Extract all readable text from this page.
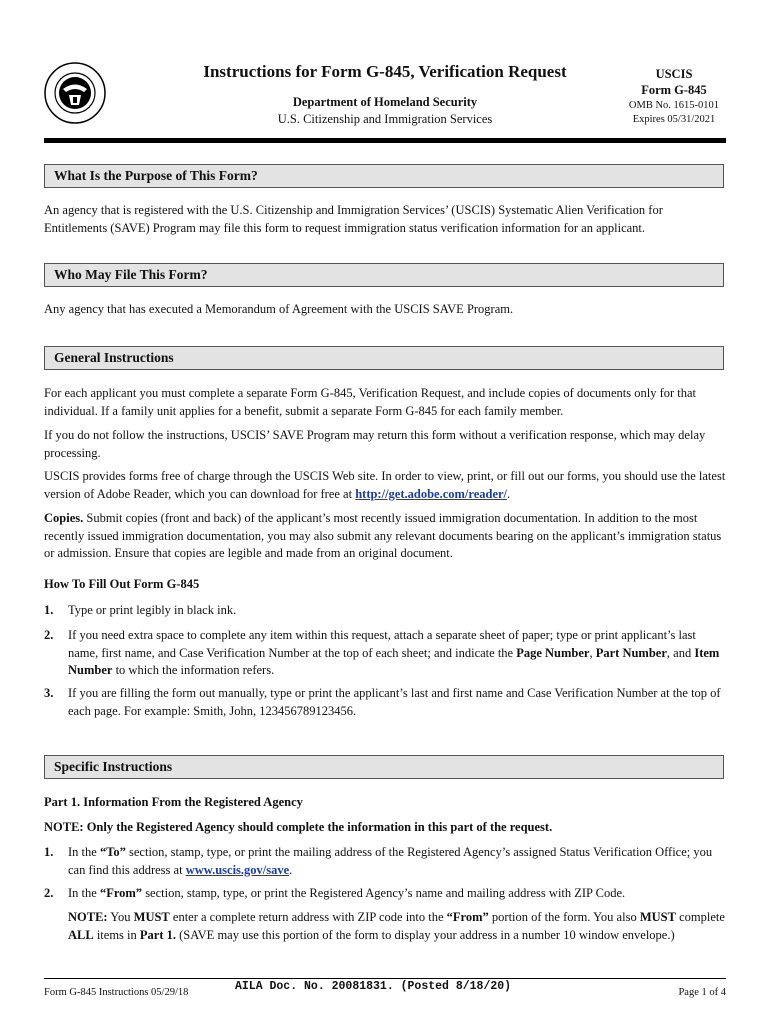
Instructions for Form G-845, Verification Request
Department of Homeland Security
U.S. Citizenship and Immigration Services
USCIS
Form G-845
OMB No. 1615-0101
Expires 05/31/2021
What Is the Purpose of This Form?
An agency that is registered with the U.S. Citizenship and Immigration Services’ (USCIS) Systematic Alien Verification for Entitlements (SAVE) Program may file this form to request immigration status verification information for an applicant.
Who May File This Form?
Any agency that has executed a Memorandum of Agreement with the USCIS SAVE Program.
General Instructions
For each applicant you must complete a separate Form G-845, Verification Request, and include copies of documents only for that individual. If a family unit applies for a benefit, submit a separate Form G-845 for each family member.
If you do not follow the instructions, USCIS’ SAVE Program may return this form without a verification response, which may delay processing.
USCIS provides forms free of charge through the USCIS Web site. In order to view, print, or fill out our forms, you should use the latest version of Adobe Reader, which you can download for free at http://get.adobe.com/reader/.
Copies. Submit copies (front and back) of the applicant’s most recently issued immigration documentation. In addition to the most recently issued immigration documentation, you may also submit any relevant documents bearing on the applicant’s immigration status or admission. Ensure that copies are legible and made from an original document.
How To Fill Out Form G-845
1. Type or print legibly in black ink.
2. If you need extra space to complete any item within this request, attach a separate sheet of paper; type or print applicant’s last name, first name, and Case Verification Number at the top of each sheet; and indicate the Page Number, Part Number, and Item Number to which the information refers.
3. If you are filling the form out manually, type or print the applicant’s last and first name and Case Verification Number at the top of each page. For example: Smith, John, 123456789123456.
Specific Instructions
Part 1. Information From the Registered Agency
NOTE: Only the Registered Agency should complete the information in this part of the request.
1. In the “To” section, stamp, type, or print the mailing address of the Registered Agency’s assigned Status Verification Office; you can find this address at www.uscis.gov/save.
2. In the “From” section, stamp, type, or print the Registered Agency’s name and mailing address with ZIP Code.
NOTE: You MUST enter a complete return address with ZIP code into the “From” portion of the form. You also MUST complete ALL items in Part 1. (SAVE may use this portion of the form to display your address in a number 10 window envelope.)
Form G-845 Instructions 05/29/18	AILA Doc. No. 20081831. (Posted 8/18/20)	Page 1 of 4
